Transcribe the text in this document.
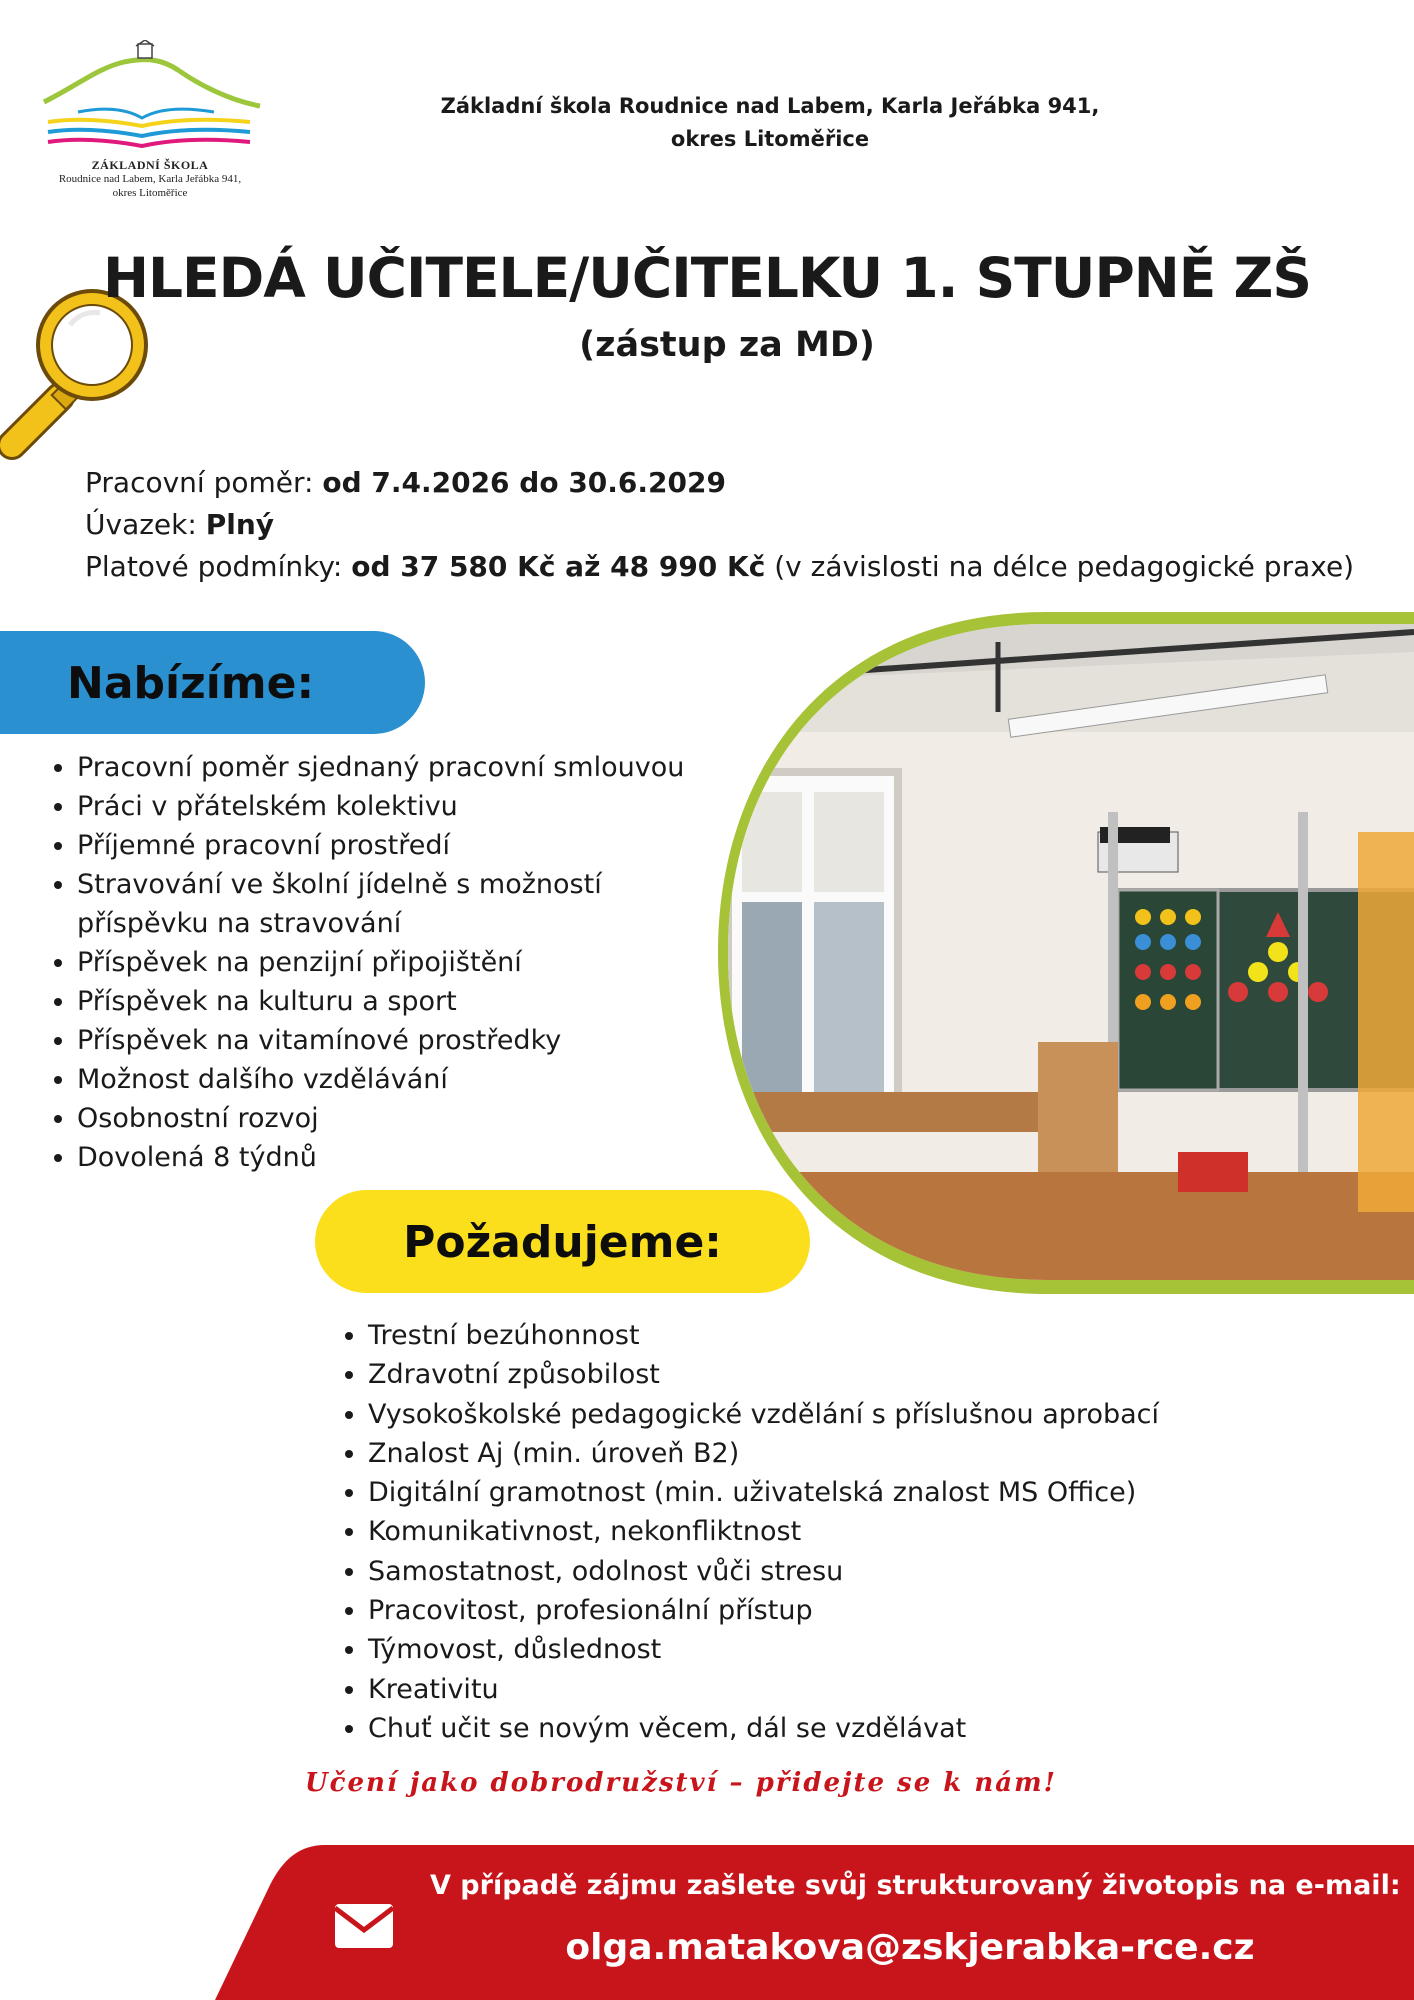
ZÁKLADNÍ ŠKOLA
Roudnice nad Labem, Karla Jeřábka 941,
okres Litoměřice
Základní škola Roudnice nad Labem, Karla Jeřábka 941,
okres Litoměřice
HLEDÁ UČITELE/UČITELKU 1. STUPNĚ ZŠ
(zástup za MD)
Pracovní poměr: od 7.4.2026 do 30.6.2029
Úvazek: Plný
Platové podmínky: od 37 580 Kč až 48 990 Kč (v závislosti na délce pedagogické praxe)
Nabízíme:
• Pracovní poměr sjednaný pracovní smlouvou
• Práci v přátelském kolektivu
• Příjemné pracovní prostředí
• Stravování ve školní jídelně s možností příspěvku na stravování
• Příspěvek na penzijní připojištění
• Příspěvek na kulturu a sport
• Příspěvek na vitamínové prostředky
• Možnost dalšího vzdělávání
• Osobnostní rozvoj
• Dovolená 8 týdnů
Požadujeme:
• Trestní bezúhonnost
• Zdravotní způsobilost
• Vysokoškolské pedagogické vzdělání s příslušnou aprobací
• Znalost Aj (min. úroveň B2)
• Digitální gramotnost (min. uživatelská znalost MS Office)
• Komunikativnost, nekonfliktnost
• Samostatnost, odolnost vůči stresu
• Pracovitost, profesionální přístup
• Týmovost, důslednost
• Kreativitu
• Chuť učit se novým věcem, dál se vzdělávat
Učení jako dobrodružství – přidejte se k nám!
V případě zájmu zašlete svůj strukturovaný životopis na e-mail:
olga.matakova@zskjerabka-rce.cz
